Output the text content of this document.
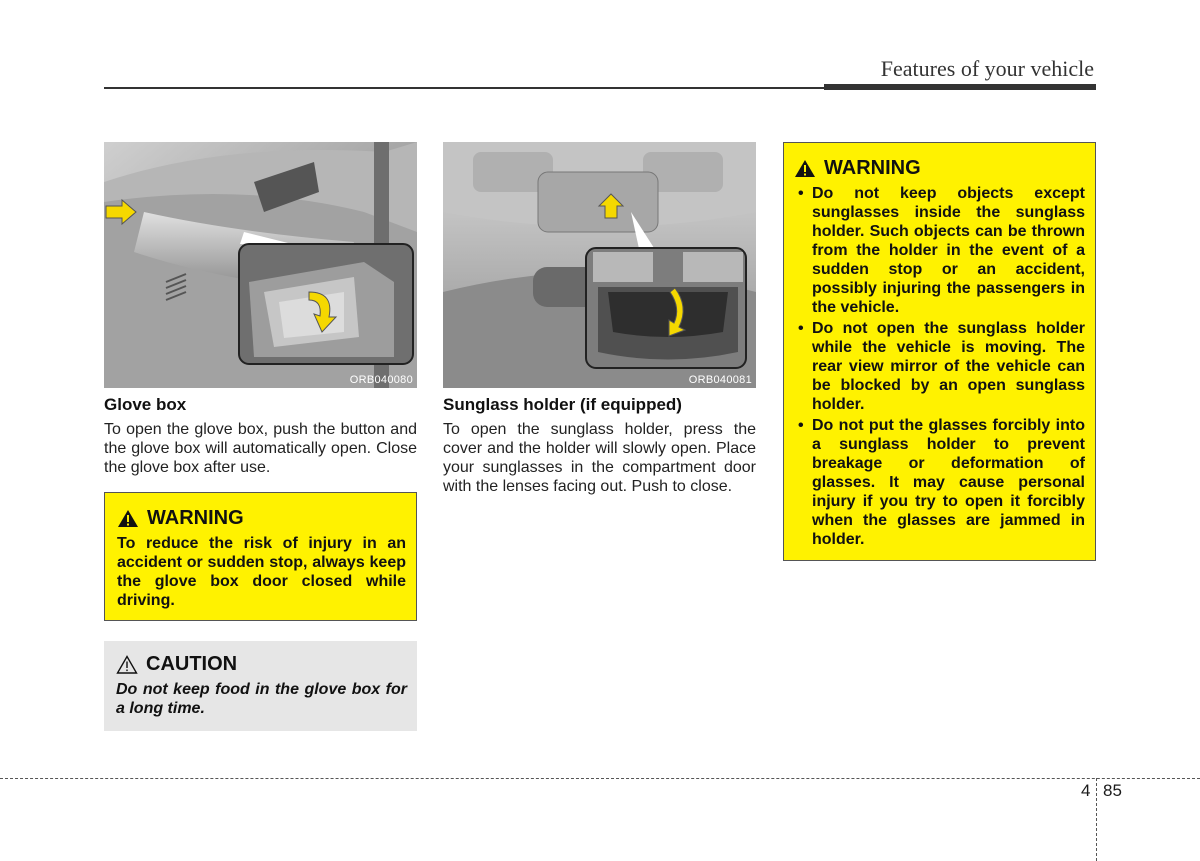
Features of your vehicle
ORB040080	ORB040081
Glove box
To open the glove box, push the button and the glove box will automatically open. Close the glove box after use.
WARNING
To reduce the risk of injury in an accident or sudden stop, always keep the glove box door closed while driving.
CAUTION
Do not keep food in the glove box for a long time.
Sunglass holder (if equipped)
To open the sunglass holder, press the cover and the holder will slowly open. Place your sunglasses in the compartment door with the lenses facing out. Push to close.
WARNING
• Do not keep objects except sunglasses inside the sunglass holder. Such objects can be thrown from the holder in the event of a sudden stop or an accident, possibly injuring the passengers in the vehicle.
• Do not open the sunglass holder while the vehicle is moving. The rear view mirror of the vehicle can be blocked by an open sunglass holder.
• Do not put the glasses forcibly into a sunglass holder to prevent breakage or deformation of glasses. It may cause personal injury if you try to open it forcibly when the glasses are jammed in holder.
4 85
